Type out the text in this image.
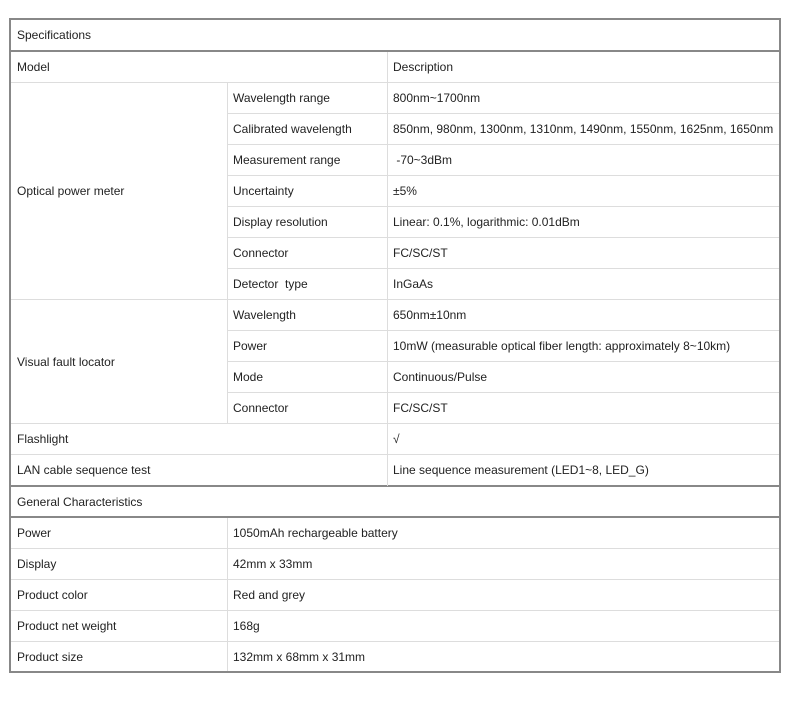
Specifications
Model	Description
Optical power meter
Wavelength range	800nm~1700nm
Calibrated wavelength	850nm, 980nm, 1300nm, 1310nm, 1490nm, 1550nm, 1625nm, 1650nm
Measurement range	-70~3dBm
Uncertainty	±5%
Display resolution	Linear: 0.1%, logarithmic: 0.01dBm
Connector	FC/SC/ST
Detector  type	InGaAs
Visual fault locator
Wavelength	650nm±10nm
Power	10mW (measurable optical fiber length: approximately 8~10km)
Mode	Continuous/Pulse
Connector	FC/SC/ST
Flashlight	√
LAN cable sequence test	Line sequence measurement (LED1~8, LED_G)
General Characteristics
Power	1050mAh rechargeable battery
Display	42mm x 33mm
Product color	Red and grey
Product net weight	168g
Product size	132mm x 68mm x 31mm
